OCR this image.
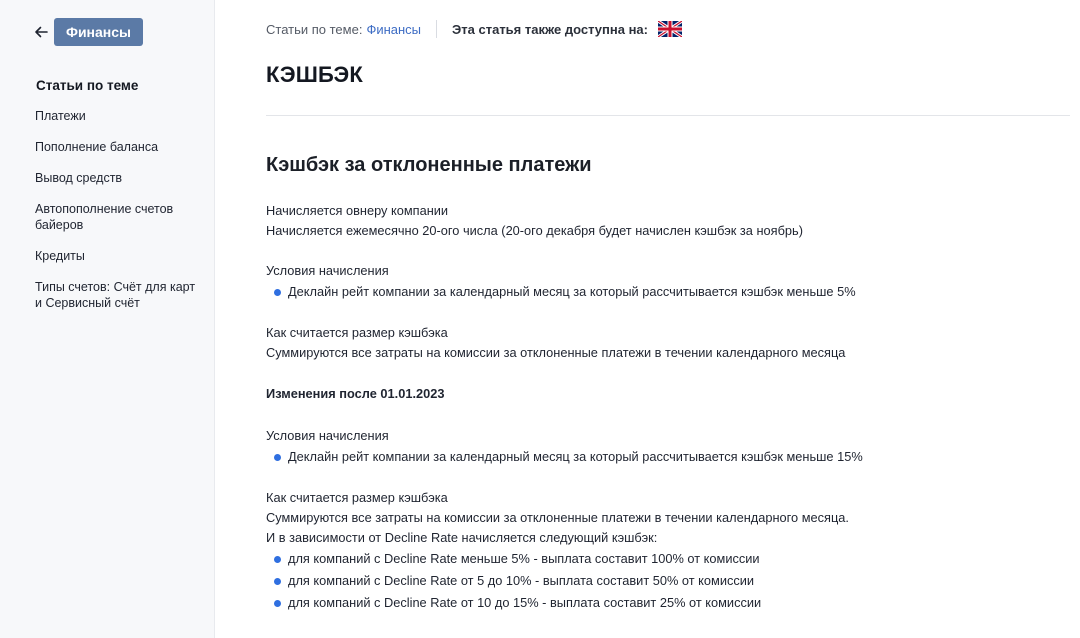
Финансы
Статьи по теме
Платежи
Пополнение баланса
Вывод средств
Автопополнение счетов байеров
Кредиты
Типы счетов: Счёт для карт и Сервисный счёт
Статьи по теме: Финансы Эта статья также доступна на:
КЭШБЭК
Кэшбэк за отклоненные платежи

Начисляется овнеру компании

Начисляется ежемесячно 20-ого числа (20-ого декабря будет начислен кэшбэк за ноябрь)

Условия начисления

Деклайн рейт компании за календарный месяц за который рассчитывается кэшбэк меньше 5%

Как считается размер кэшбэка

Суммируются все затраты на комиссии за отклоненные платежи в течении календарного месяца

Изменения после 01.01.2023

Условия начисления

Деклайн рейт компании за календарный месяц за который рассчитывается кэшбэк меньше 15%

Как считается размер кэшбэка

Суммируются все затраты на комиссии за отклоненные платежи в течении календарного месяца.

И в зависимости от Decline Rate начисляется следующий кэшбэк:

для компаний с Decline Rate меньше 5% - выплата составит 100% от комиссии
для компаний с Decline Rate от 5 до 10% - выплата составит 50% от комиссии
для компаний с Decline Rate от 10 до 15% - выплата составит 25% от комиссии
